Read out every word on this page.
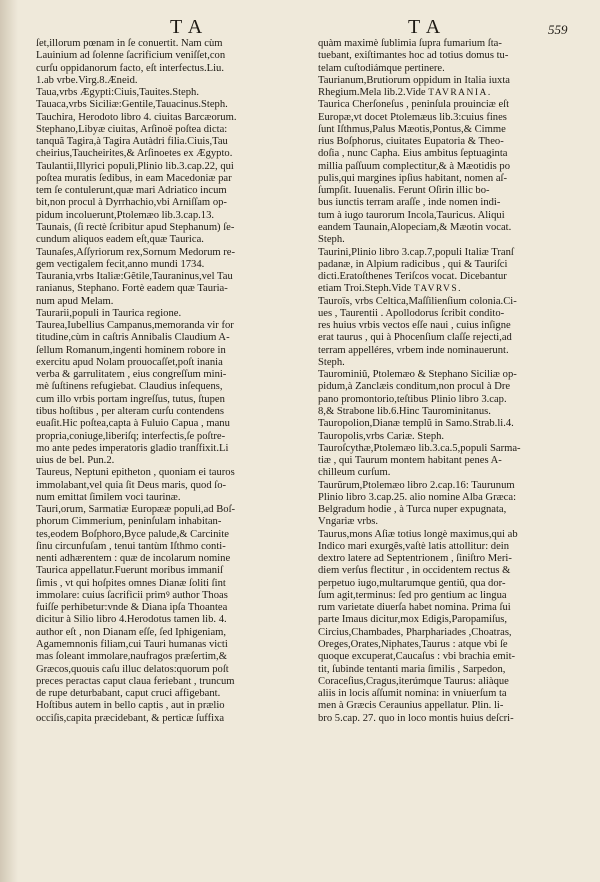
T A	T A	559
ſet,illorum pœnam in ſe conuertit. Nam cùm
Lauinium ad ſolenne ſacrificium veniſſet,con
curſu oppidanorum facto, eſt interfectus.Liu.
1.ab vrbe.Virg.8.Æneid.
Taua,vrbs Ægypti:Ciuis,Tauites.Steph.
Tauaca,vrbs Siciliæ:Gentile,Tauacinus.Steph.
Tauchira, Herodoto libro 4. ciuitas Barcæorum.
Stephano,Libyæ ciuitas, Arſinoë poſtea dicta:
tanquã Tagira,à Tagira Autàdri filia.Ciuis,Tau
cheirius,Taucheirites,& Arſinoetes ex Ægypto.
Taulantii,Illyrici populi,Plinio lib.3.cap.22, qui
poſtea muratis ſedibus, in eam Macedoniæ par
tem ſe contulerunt,quæ mari Adriatico incum
bit,non procul à Dyrrhachio,vbi Arniſſam op-
pidum incoluerunt,Ptolemæo lib.3.cap.13.
Taunais, (ſi rectè ſcribitur apud Stephanum) ſe-
cundum aliquos eadem eſt,quæ Taurica.
Taunaſes,Aſſyriorum rex,Sornum Medorum re-
gem vectigalem fecit,anno mundi 1734.
Taurania,vrbs Italiæ:Gẽtile,Tauraninus,vel Tau
ranianus, Stephano. Fortè eadem quæ Tauria-
num apud Melam.
Taurarii,populi in Taurica regione.
Taurea,Iubellius Campanus,memoranda vir for
titudine,cùm in caſtris Annibalis Claudium A-
ſellum Romanum,ingenti hominem robore in
exercitu apud Nolam prouocaſſet,poſt inania
verba & garrulitatem , eius congreſſum mini-
mè ſuſtinens refugiebat. Claudius inſequens,
cum illo vrbis portam ingreſſus, tutus, ſtupen
tibus hoſtibus , per alteram curſu contendens
euaſit.Hic poſtea,capta à Fuluio Capua , manu
propria,coniuge,liberiſq; interfectis,ſe poſtre-
mo ante pedes imperatoris gladio tranſfixit.Li
uius de bel. Pun.2.
Taureus, Neptuni epitheton , quoniam ei tauros
immolabant,vel quia ſit Deus maris, quod ſo-
num emittat ſimilem voci taurinæ.
Tauri,orum, Sarmatiæ Europææ populi,ad Boſ-
phorum Cimmerium, peninſulam inhabitan-
tes,eodem Boſphoro,Byce palude,& Carcinite
ſinu circunfuſam , tenui tantùm Iſthmo conti-
nenti adhærentem : quæ de incolarum nomine
Taurica appellatur.Fuerunt moribus immaniſ
ſimis , vt qui hoſpites omnes Dianæ ſoliti ſint
immolare: cuius ſacrificii primꝰ author Thoas
fuiſſe perhibetur:vnde & Diana ipſa Thoantea
dicitur à Silio libro 4.Herodotus tamen lib. 4.
author eſt , non Dianam eſſe, ſed Iphigeniam,
Agamemnonis filiam,cui Tauri humanas victi
mas ſoleant immolare,naufragos præſertim,&
Græcos,quouis caſu illuc delatos:quorum poſt
preces peractas caput claua feriebant , truncum
de rupe deturbabant, caput cruci affigebant.
Hoſtibus autem in bello captis , aut in prælio
occiſis,capita præcidebant, & perticæ ſuffixa
quàm maximè ſublimia ſupra fumarium ſta-
tuebant, exiſtimantes hoc ad totius domus tu-
telam cuſtodiámque pertinere.
Taurianum,Brutiorum oppidum in Italia iuxta
Rhegium.Mela lib.2.Vide TAVRANIA.
Taurica Cherſoneſus , peninſula prouinciæ eſt
Europæ,vt docet Ptolemæus lib.3:cuius fines
ſunt Iſthmus,Palus Mæotis,Pontus,& Cimme
rius Boſphorus, ciuitates Eupatoria & Theo-
doſia , nunc Capha. Eius ambitus ſeptuaginta
millia paſſuum complectitur,& à Mæotidis po
pulis,qui margines ipſius habitant, nomen aſ-
ſumpſit. Iuuenalis. Ferunt Oſirin illic bo-
bus iunctis terram araſſe , inde nomen indi-
tum à iugo taurorum Incola,Tauricus. Aliqui
eandem Taunain,Alopeciam,& Mæotin vocat.
Steph.
Taurini,Plinio libro 3.cap.7,populi Italiæ Tranſ
padanæ, in Alpium radicibus , qui & Tauriſci
dicti.Eratoſthenes Teriſcos vocat. Dicebantur
etiam Troi.Steph.Vide TAVRVS.
Tauroïs, vrbs Celtica,Maſſilienſium colonia.Ci-
ues , Taurentii . Apollodorus ſcribit condito-
res huius vrbis vectos eſſe naui , cuius inſigne
erat taurus , qui à Phocenſium claſſe rejecti,ad
terram appelléres, vrbem inde nominauerunt.
Steph.
Taurominiũ, Ptolemæo & Stephano Siciliæ op-
pidum,à Zanclæis conditum,non procul à Dre
pano promontorio,teſtibus Plinio libro 3.cap.
8,& Strabone lib.6.Hinc Taurominitanus.
Tauropolion,Dianæ templũ in Samo.Strab.li.4.
Tauropolis,vrbs Cariæ. Steph.
Tauroſcythæ,Ptolemæo lib.3.ca.5,populi Sarma-
tiæ , qui Taurum montem habitant penes A-
chilleum curſum.
Taurũrum,Ptolemæo libro 2.cap.16: Taurunum
Plinio libro 3.cap.25. alio nomine Alba Græca:
Belgradum hodie , à Turca nuper expugnata,
Vngariæ vrbs.
Taurus,mons Aſiæ totius longè maximus,qui ab
Indico mari exurgẽs,vaſtè latis attollitur: dein
dextro latere ad Septentrionem , ſiniſtro Meri-
diem verſus flectitur , in occidentem rectus &
perpetuo iugo,multarumque gentiũ, qua dor-
ſum agit,terminus: ſed pro gentium ac lingua
rum varietate diuerſa habet nomina. Prima ſui
parte Imaus dicitur,mox Edigis,Paropamiſus,
Circius,Chambades, Pharphariades ,Choatras,
Oreges,Orates,Niphates,Taurus : atque vbi ſe
quoque excuperat,Caucaſus : vbi brachia emit-
tit, ſubinde tentanti maria ſimilis , Sarpedon,
Coraceſius,Cragus,iterúmque Taurus: aliàque
aliis in locis aſſumit nomina: in vniuerſum ta
men à Græcis Ceraunius appellatur. Plin. li-
bro 5.cap. 27. quo in loco montis huius deſcri-
